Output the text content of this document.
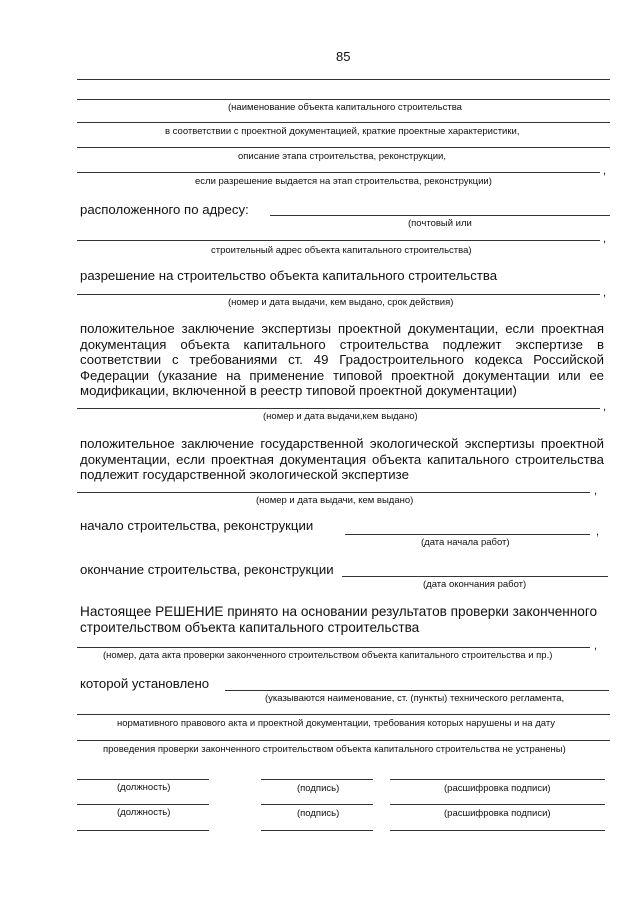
85
(наименование объекта капитального строительства
в соответствии с проектной документацией, краткие проектные характеристики,
описание этапа строительства, реконструкции,
,
если разрешение выдается на этап строительства, реконструкции)
расположенного по адресу:
(почтовый или
,
строительный адрес объекта капитального строительства)
разрешение на строительство объекта капитального строительства
,
(номер и дата выдачи, кем выдано, срок действия)
положительное заключение экспертизы проектной документации, если проектная
документация объекта капитального строительства подлежит экспертизе в
соответствии с требованиями ст. 49 Градостроительного кодекса Российской
Федерации (указание на применение типовой проектной документации или ее
модификации, включенной в реестр типовой проектной документации)
,
(номер и дата выдачи,кем выдано)
положительное заключение государственной экологической экспертизы проектной
документации, если проектная документация объекта капитального строительства
подлежит государственной экологической экспертизе
,
(номер и дата выдачи, кем выдано)
начало строительства, реконструкции	,
(дата начала работ)
окончание строительства, реконструкции
(дата окончания работ)
Настоящее РЕШЕНИЕ принято на основании результатов проверки законченного
строительством объекта капитального строительства
,
(номер, дата акта проверки законченного строительством объекта капитального строительства и пр.)
которой установлено
(указываются наименование, ст. (пункты) технического регламента,
нормативного правового акта и проектной документации, требования которых нарушены и на дату
проведения проверки законченного строительством объекта капитального строительства не устранены)
(должность)	(подпись)	(расшифровка подписи)
(должность)	(подпись)	(расшифровка подписи)
